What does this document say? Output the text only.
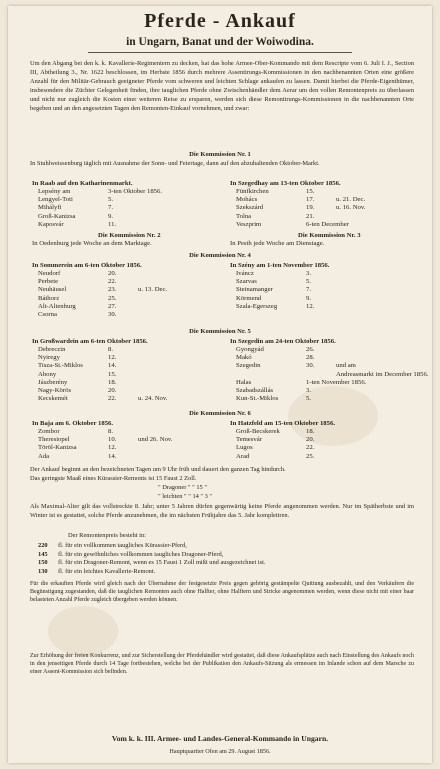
Pferde - Ankauf
in Ungarn, Banat und der Woiwodina.
Um den Abgang bei den k. k. Kavallerie-Regimentern zu decken, hat das hohe Armee-Ober-Kommando mit dem Rescripte vom 6. Juli I. J., Section III, Abtheilung 3., Nr. 1622 beschlossen, im Herbste 1856 durch mehrere Assentirungs-Kommissionen in den nachbenannten Orten eine größere Anzahl für den Militär-Gebrauch geeigneter Pferde vom schweren und leichten Schlage ankaufen zu lassen. Damit hierbei die Pferde-Eigenthümer, insbesondere die Züchter Gelegenheit finden, ihre tauglichen Pferde ohne Zwischenhändler dem Aerar um den vollen Remontenpreis zu überlassen und nicht nur zugleich die Kosten einer weiteren Reise zu ersparen, werden sich diese Remontirungs-Kommissionen in die nachbenannten Orte begeben und an den angesetzten Tagen den Remonten-Einkauf vornehmen, und zwar:
Die Kommission Nr. 1
In Stuhlweissenburg täglich mit Ausnahme der Sonn- und Feiertage, dann auf den abzuhaltenden Oktober-Markt.
In Raab auf den Katharinenmarkt.
Lepsény am	3-ten Oktober 1856.
Lengyel-Toti	5.
Mihályfi	7.
Groß-Kanizsa	9.
Kaposvár	11.
In Szegedhay am 13-ten Oktober 1856.
Fünfkirchen	15.
Mohács	17.	u. 21. Dec.
Szekszárd	19.	u. 16. Nov.
Tolna	21.
Veszprim	6-ten December
Die Kommission Nr. 2
In Oedenburg jede Woche an dem Marktage.
Die Kommission Nr. 3
In Pesth jede Woche am Dienstage.
Die Kommission Nr. 4
In Sommerein am 6-ten Oktober 1856.
Neudorf	20.
Perbete	22.
Neuhäusel	23.	u. 13. Dec.
Báthorz	25.
Alt-Altenburg	27.
Csorna	30.
In Szény am 1-ten November 1856.
Iváncz	3.
Szarvas	5.
Steinamanger	7.
Körmend	9.
Szala-Egerszeg	12.
Die Kommission Nr. 5
In Großwardein am 6-ten Oktober 1856.
Debreczin	8.
Nyiregy	12.
Tisza-St.-Miklos	14.
Abony	15.
Jászberény	18.
Nagy-Körös	20.
Kecskemét	22.	u. 24. Nov.
In Szegedin am 24-ten Oktober 1856.
Gyongyád	26.
Makó	28.
Szegedin	30.	und am
Andreasmarkt im December 1856.
Halas	1-ten November 1856.
Szabadszállás	3.
Kun-St.-Miklos	5.
Die Kommission Nr. 6
In Baja am 6. Oktober 1856.
Zombor	8.
Theresiopel	10.	und 26. Nov.
Töröl-Kanizsa	12.
Ada	14.
In Hatzfeld am 15-ten Oktober 1856.
Groß-Becskerek	18.
Temesvár	20.
Lugos	22.
Arad	25.
Der Ankauf beginnt an den bezeichneten Tagen um 9 Uhr früh und dauert den ganzen Tag hindurch.
Das geringste Maaß eines Kürassier-Remonts ist 15 Faust 2 Zoll.
" Dragoner " " 15 "
" leichten " " 14 " 3 "
Als Maximal-Alter gilt das vollstreckte 8. Jahr; unter 5 Jahren dürfen gegenwärtig keine Pferde angenommen werden. Nur im Spätherbste und im Winter ist es gestattet, solche Pferde anzunehmen, die im nächsten Frühjahre das 5. Jahr kompletiren.
Der Remontenpreis besteht in:
220 fl. für ein vollkommen taugliches Kürassier-Pferd,
145 fl. für ein gewöhnliches vollkommen taugliches Dragoner-Pferd,
150 fl. für ein Dragoner-Remont, wenn es 15 Faust 1 Zoll mißt und ausgezeichnet ist.
130 fl. für ein leichtes Kavallerie-Remont.
Für die erkauften Pferde wird gleich nach der Übernahme der festgesetzte Preis gegen gehörig gestämpelte Quittung ausbezahlt, und den Verkäufern die Begünstigung zugestanden, daß die tauglichen Remonten auch ohne Halfter, ohne Halftern und Stricke angenommen werden, wenn diese nicht mit einer baar belasteten Anzahl Pferde zugleich übergeben werden können.
Zur Erhöhung der freien Konkurrenz, und zur Sicherstellung der Pferdehändler wird gestattet, daß diese Ankaufsplätze auch nach Einstellung des Ankaufs noch in den jenseitigen Pferde durch 14 Tage fortbestehen, welche bei der Publikation den Ankaufs-Sitzung als ermessen im Inlande schon auf dem Marsche zu einer Assent-Kommission sich befinden.
Vom k. k. III. Armee- und Landes-General-Kommando in Ungarn.
Hauptquartier Ofen am 29. August 1856.
